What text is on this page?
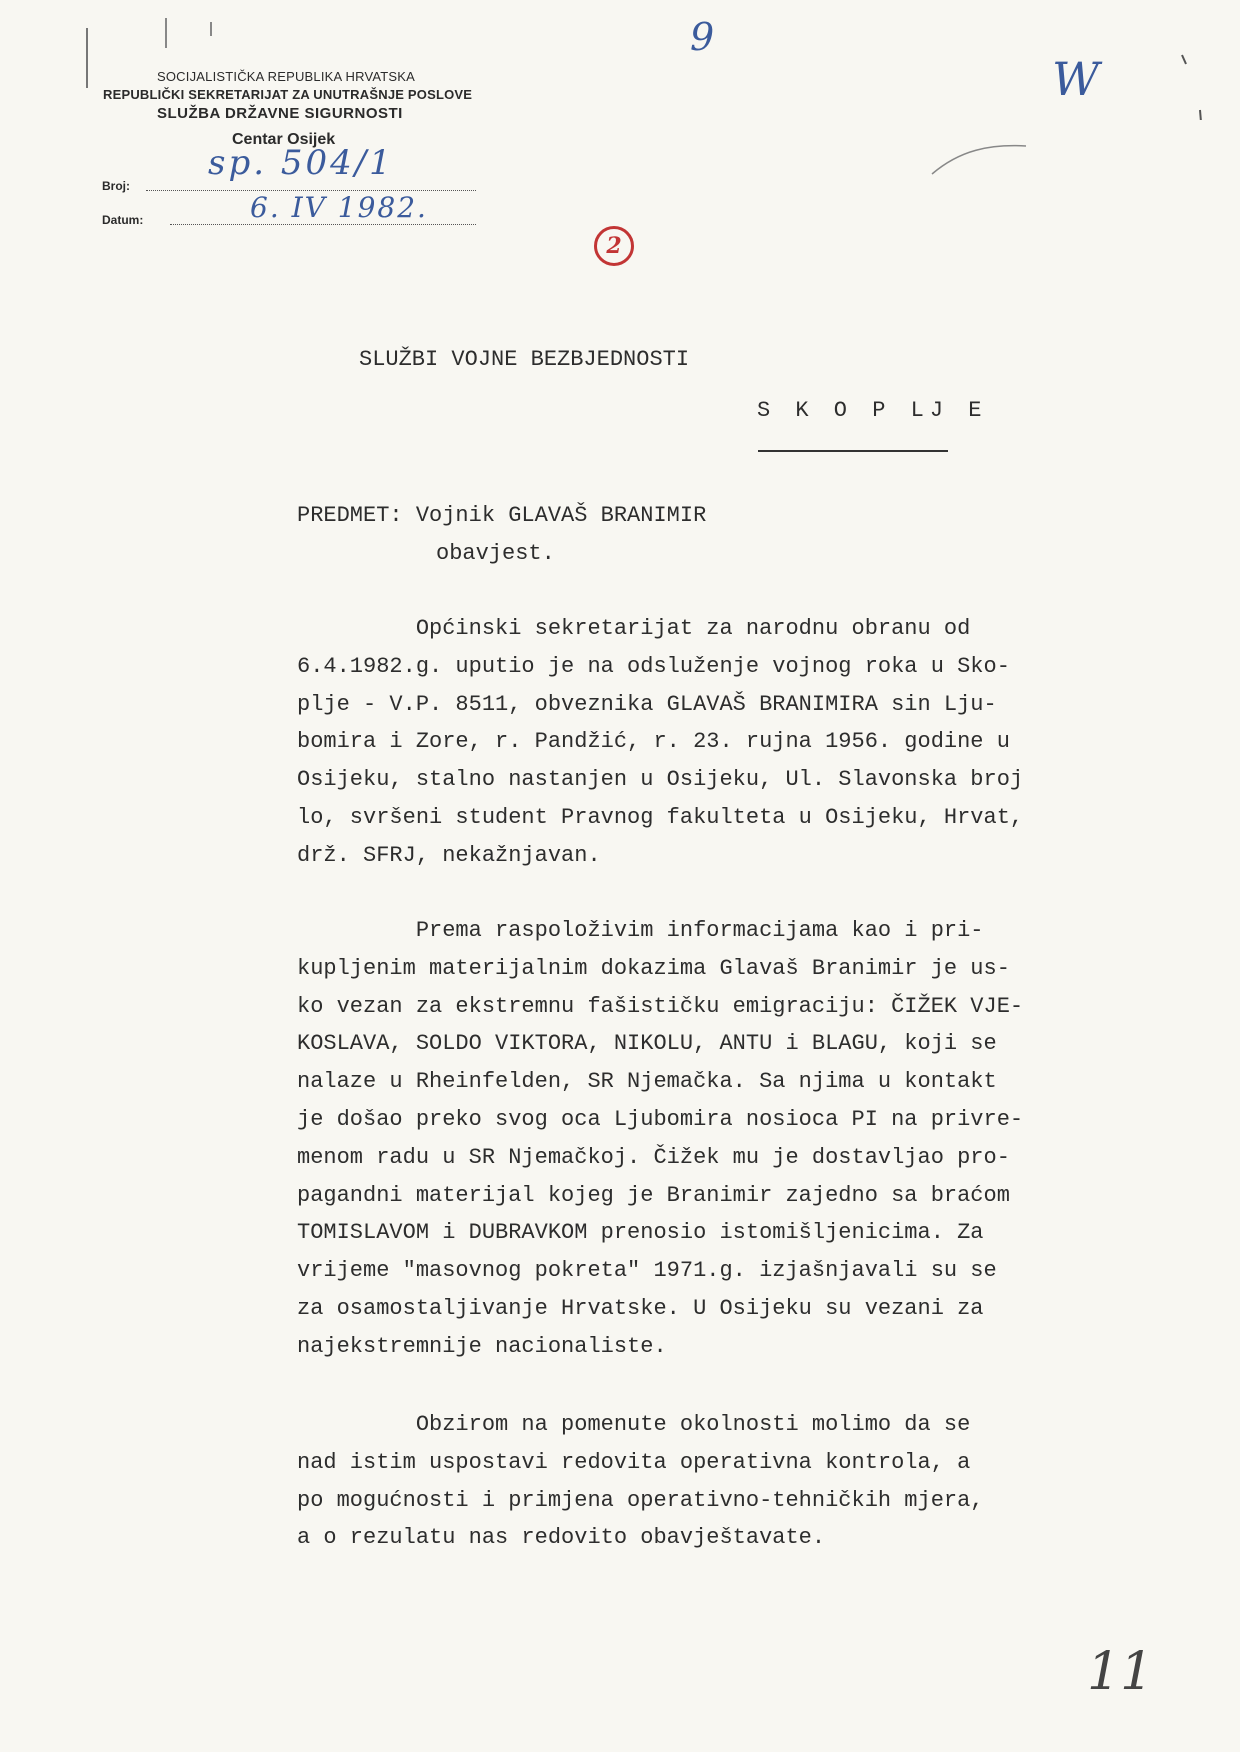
SOCIJALISTIČKA REPUBLIKA HRVATSKA
REPUBLIČKI SEKRETARIJAT ZA UNUTRAŠNJE POSLOVE
SLUŽBA DRŽAVNE SIGURNOSTI
Centar Osijek
Broj:
Datum:
9
sp. 504/1
6. IV 1982.
W
11
2
SLUŽBI VOJNE BEZBJEDNOSTI
S K O P LJ E
PREDMET: Vojnik GLAVAŠ BRANIMIR
obavjest.
Općinski sekretarijat za narodnu obranu od
6.4.1982.g. uputio je na odsluženje vojnog roka u Sko-
plje - V.P. 8511, obveznika GLAVAŠ BRANIMIRA sin Lju-
bomira i Zore, r. Pandžić, r. 23. rujna 1956. godine u
Osijeku, stalno nastanjen u Osijeku, Ul. Slavonska broj
lo, svršeni student Pravnog fakulteta u Osijeku, Hrvat,
drž. SFRJ, nekažnjavan.
Prema raspoloživim informacijama kao i pri-
kupljenim materijalnim dokazima Glavaš Branimir je us-
ko vezan za ekstremnu fašističku emigraciju: ČIŽEK VJE-
KOSLAVA, SOLDO VIKTORA, NIKOLU, ANTU i BLAGU, koji se
nalaze u Rheinfelden, SR Njemačka. Sa njima u kontakt
je došao preko svog oca Ljubomira nosioca PI na privre-
menom radu u SR Njemačkoj. Čižek mu je dostavljao pro-
pagandni materijal kojeg je Branimir zajedno sa braćom
TOMISLAVOM i DUBRAVKOM prenosio istomišljenicima. Za
vrijeme "masovnog pokreta" 1971.g. izjašnjavali su se
za osamostaljivanje Hrvatske. U Osijeku su vezani za
najekstremnije nacionaliste.
Obzirom na pomenute okolnosti molimo da se
nad istim uspostavi redovita operativna kontrola, a
po mogućnosti i primjena operativno-tehničkih mjera,
a o rezulatu nas redovito obavještavate.
